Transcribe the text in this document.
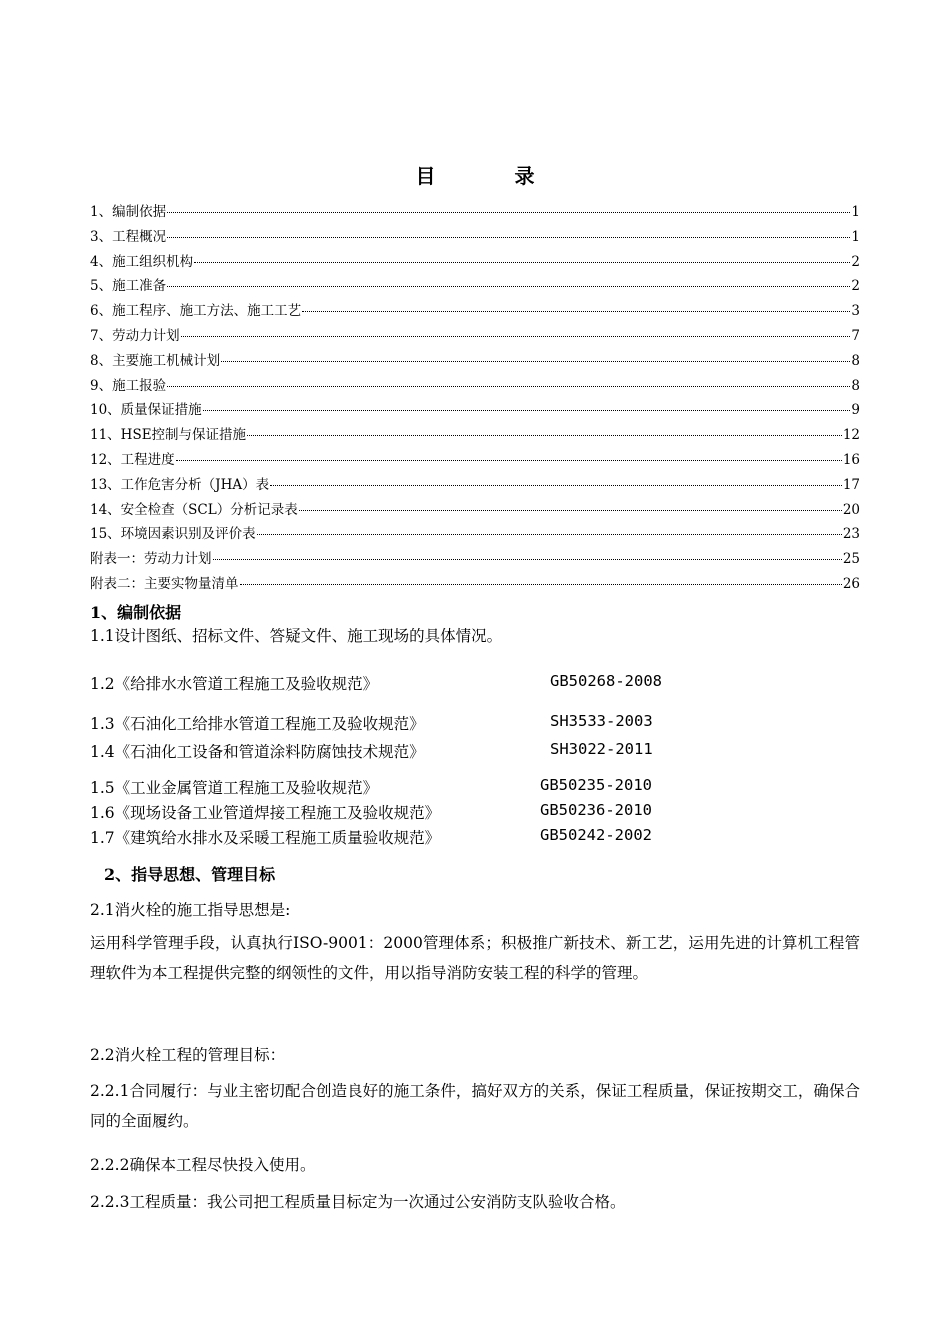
目 录
1、编制依据	1
3、工程概况	1
4、施工组织机构	2
5、施工准备	2
6、施工程序、施工方法、施工工艺	3
7、劳动力计划	7
8、主要施工机械计划	8
9、施工报验	8
10、质量保证措施	9
11、HSE控制与保证措施	12
12、工程进度	16
13、工作危害分析（JHA）表	17
14、安全检查（SCL）分析记录表	20
15、环境因素识别及评价表	23
附表一：劳动力计划	25
附表二：主要实物量清单	26
1、编制依据
1.1设计图纸、招标文件、答疑文件、施工现场的具体情况。
1.2《给排水水管道工程施工及验收规范》	GB50268-2008
1.3《石油化工给排水管道工程施工及验收规范》	SH3533-2003
1.4《石油化工设备和管道涂料防腐蚀技术规范》	SH3022-2011
1.5《工业金属管道工程施工及验收规范》	GB50235-2010
1.6《现场设备工业管道焊接工程施工及验收规范》	GB50236-2010
1.7《建筑给水排水及采暖工程施工质量验收规范》	GB50242-2002
2、指导思想、管理目标
2.1消火栓的施工指导思想是:
运用科学管理手段，认真执行ISO-9001：2000管理体系；积极推广新技术、新工艺，运用先进的计算机工程管理软件为本工程提供完整的纲领性的文件，用以指导消防安装工程的科学的管理。
2.2消火栓工程的管理目标：
2.2.1合同履行：与业主密切配合创造良好的施工条件，搞好双方的关系，保证工程质量，保证按期交工，确保合同的全面履约。
2.2.2确保本工程尽快投入使用。
2.2.3工程质量：我公司把工程质量目标定为一次通过公安消防支队验收合格。
